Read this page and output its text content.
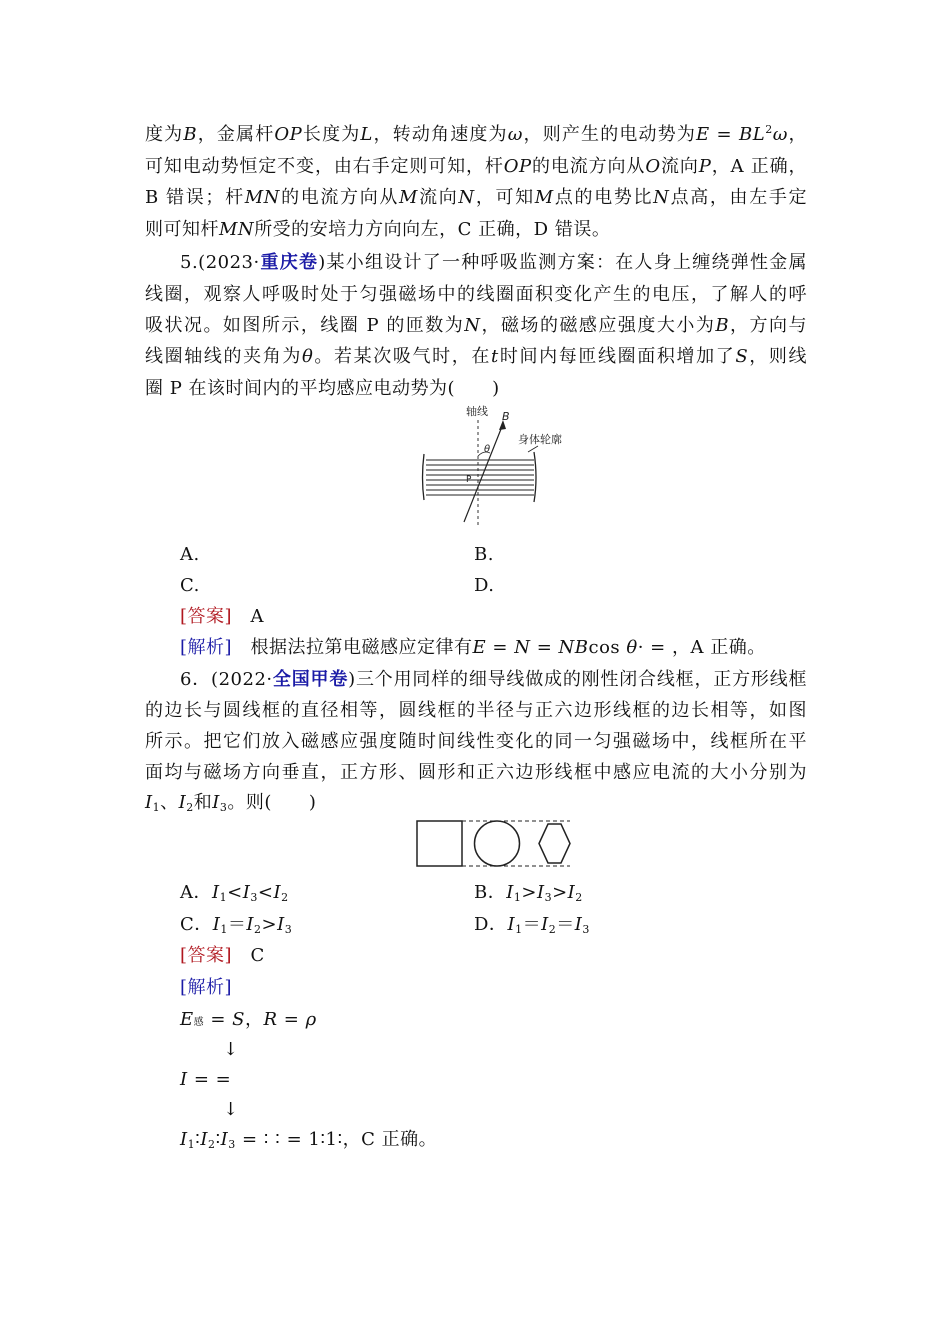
度为B，金属杆OP长度为L，转动角速度为ω，则产生的电动势为$E = BL^2\omega$，
可知电动势恒定不变，由右手定则可知，杆OP的电流方向从O流向P，A 正确，
B 错误；杆MN的电流方向从M流向N，可知M点的电势比N点高，由左手定
则可知杆MN所受的安培力方向向左，C 正确，D 错误。
5.(2023·重庆卷)某小组设计了一种呼吸监测方案：在人身上缠绕弹性金属
线圈，观察人呼吸时处于匀强磁场中的线圈面积变化产生的电压，了解人的呼
吸状况。如图所示，线圈 P 的匝数为N，磁场的磁感应强度大小为B，方向与
线圈轴线的夹角为θ。若某次吸气时，在t时间内每匝线圈面积增加了S，则线
圈 P 在该时间内的平均感应电动势为(　　)
轴线 B
θ
身体轮廓
P
A.	B.
C.	D.
[答案]　 A
[解析]　 根据法拉第电磁感应定律有E = N = NBcos θ· = ，A 正确。
6．(2022·全国甲卷)三个用同样的细导线做成的刚性闭合线框，正方形线框
的边长与圆线框的直径相等，圆线框的半径与正六边形线框的边长相等，如图
所示。把它们放入磁感应强度随时间线性变化的同一匀强磁场中，线框所在平
面均与磁场方向垂直，正方形、圆形和正六边形线框中感应电流的大小分别为
$I_1$、$I_2$和$I_3$。则(　　)
A．$I_1<I_3<I_2$	B．$I_1>I_3>I_2$
C．$I_1=I_2>I_3$	D．$I_1=I_2=I_3$
[答案]　 C
[解析]
E感 = S，R = ρ
↓
I = =
↓
$I_1∶I_2∶I_3$ = ∶ ∶ = 1∶1∶，C 正确。
